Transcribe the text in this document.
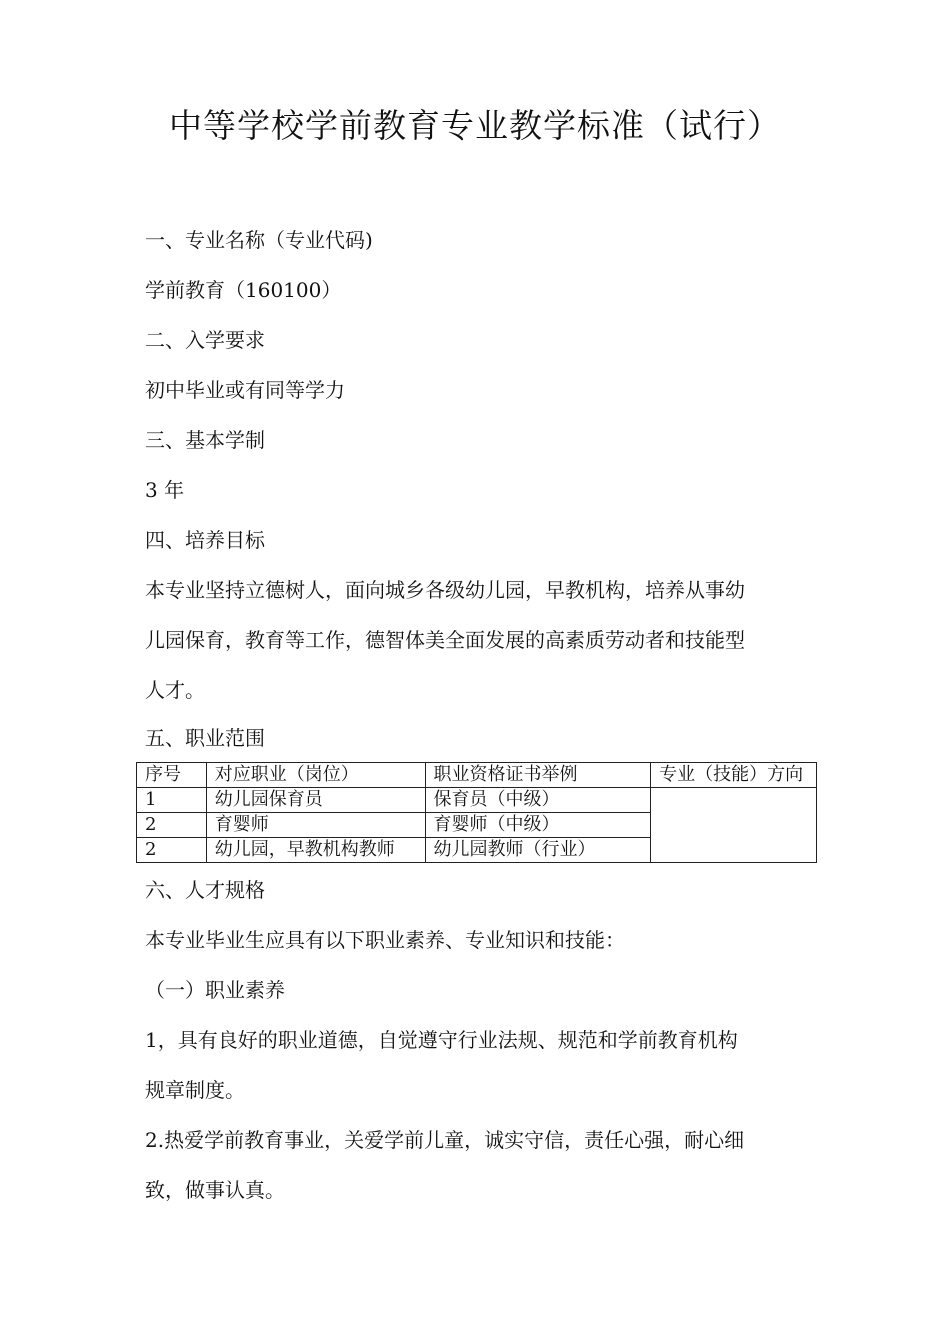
中等学校学前教育专业教学标准（试行）

一、专业名称（专业代码)

学前教育（160100）

二、入学要求

初中毕业或有同等学力

三、基本学制

3 年

四、培养目标

本专业坚持立德树人，面向城乡各级幼儿园，早教机构，培养从事幼

儿园保育，教育等工作，德智体美全面发展的高素质劳动者和技能型

人才。

五、职业范围

序号	对应职业（岗位）	职业资格证书举例	专业（技能）方向
1	幼儿园保育员	保育员（中级）	
2	育婴师	育婴师（中级）	
2	幼儿园，早教机构教师	幼儿园教师（行业）	

六、人才规格

本专业毕业生应具有以下职业素养、专业知识和技能：

（一）职业素养

1，具有良好的职业道德，自觉遵守行业法规、规范和学前教育机构

规章制度。

2.热爱学前教育事业，关爱学前儿童，诚实守信，责任心强，耐心细

致，做事认真。
